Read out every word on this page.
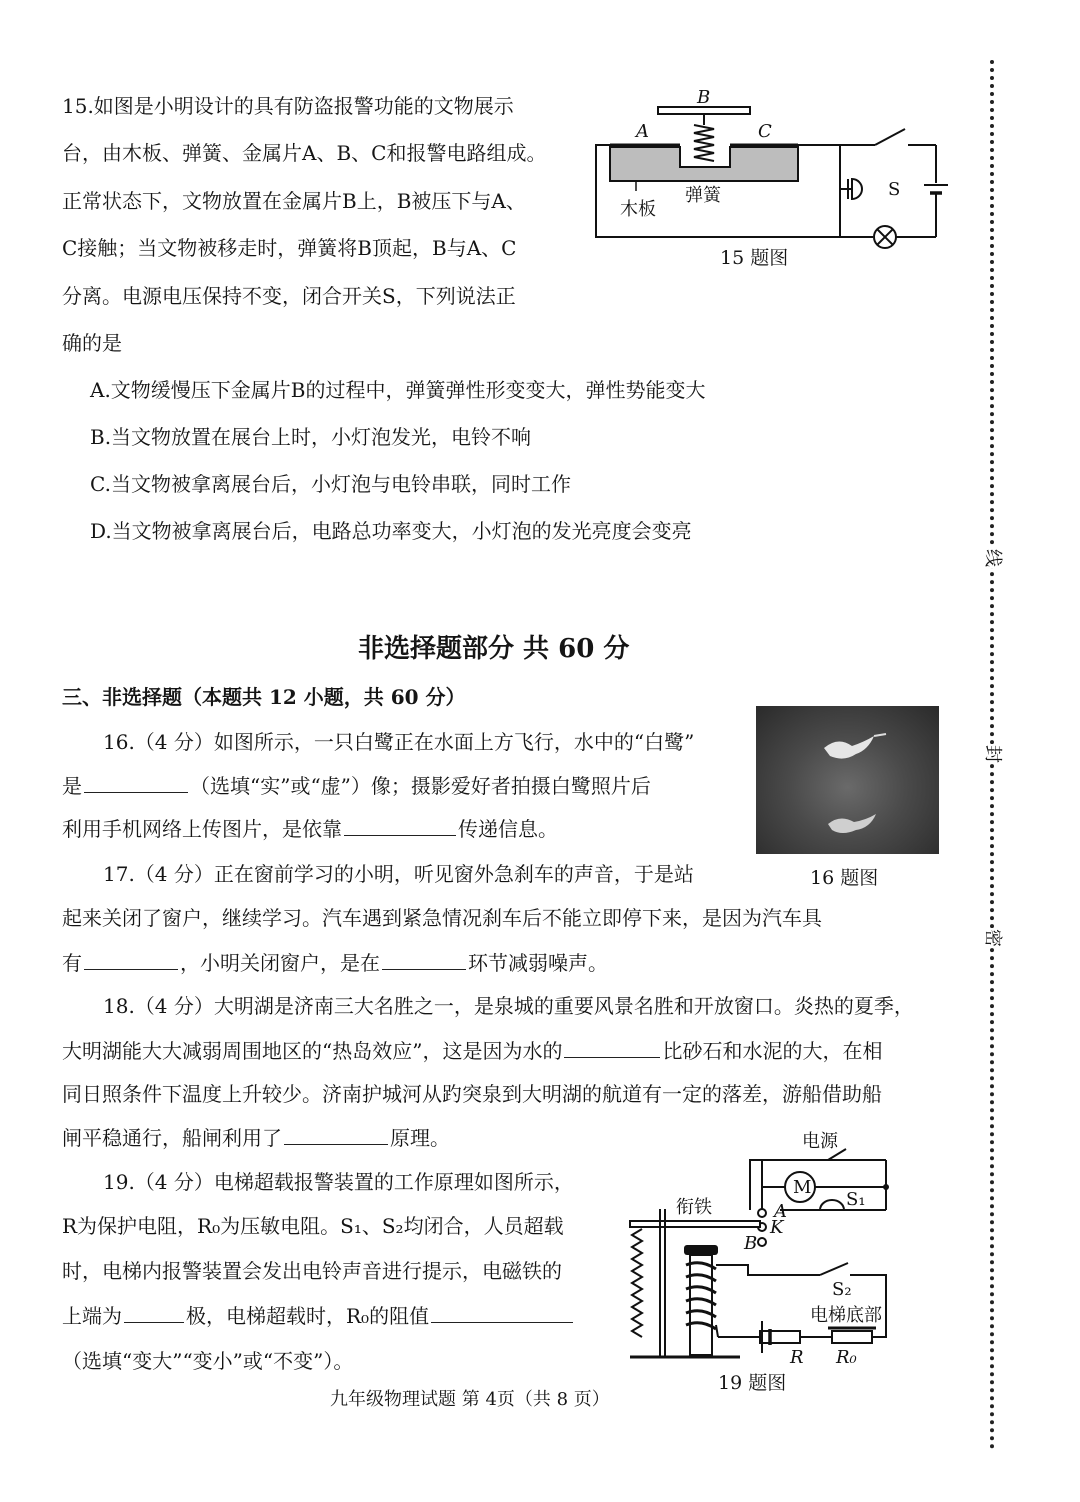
15.如图是小明设计的具有防盗报警功能的文物展示
台，由木板、弹簧、金属片A、B、C和报警电路组成。
正常状态下，文物放置在金属片B上，B被压下与A、
C接触；当文物被移走时，弹簧将B顶起，B与A、C
分离。电源电压保持不变，闭合开关S，下列说法正
确的是
A.文物缓慢压下金属片B的过程中，弹簧弹性形变变大，弹性势能变大
B.当文物放置在展台上时，小灯泡发光，电铃不响
C.当文物被拿离展台后，小灯泡与电铃串联，同时工作
D.当文物被拿离展台后，电路总功率变大，小灯泡的发光亮度会变亮
A
B
C
木板
弹簧	S
15 题图
非选择题部分 共 60 分
三、非选择题（本题共 12 小题，共 60 分）
16.（4 分）如图所示，一只白鹭正在水面上方飞行，水中的“白鹭”
是	（选填“实”或“虚”）像；摄影爱好者拍摄白鹭照片后
利用手机网络上传图片，是依靠	传递信息。
16 题图
17.（4 分）正在窗前学习的小明，听见窗外急刹车的声音，于是站
起来关闭了窗户，继续学习。汽车遇到紧急情况刹车后不能立即停下来，是因为汽车具
有	，小明关闭窗户，是在	环节减弱噪声。
18.（4 分）大明湖是济南三大名胜之一，是泉城的重要风景名胜和开放窗口。炎热的夏季，
大明湖能大大减弱周围地区的“热岛效应”，这是因为水的	比砂石和水泥的大，在相
同日照条件下温度上升较少。济南护城河从趵突泉到大明湖的航道有一定的落差，游船借助船
闸平稳通行，船闸利用了	原理。
19.（4 分）电梯超载报警装置的工作原理如图所示，
R为保护电阻，R₀为压敏电阻。S₁、S₂均闭合，人员超载
时，电梯内报警装置会发出电铃声音进行提示，电磁铁的
上端为	极，电梯超载时，R₀的阻值
（选填“变大”“变小”或“不变”）。
电源
M
S₁
衔铁	A
K
B
S₂
电梯底部
R R₀
19 题图
九年级物理试题 第 4页（共 8 页）
线
封
密
